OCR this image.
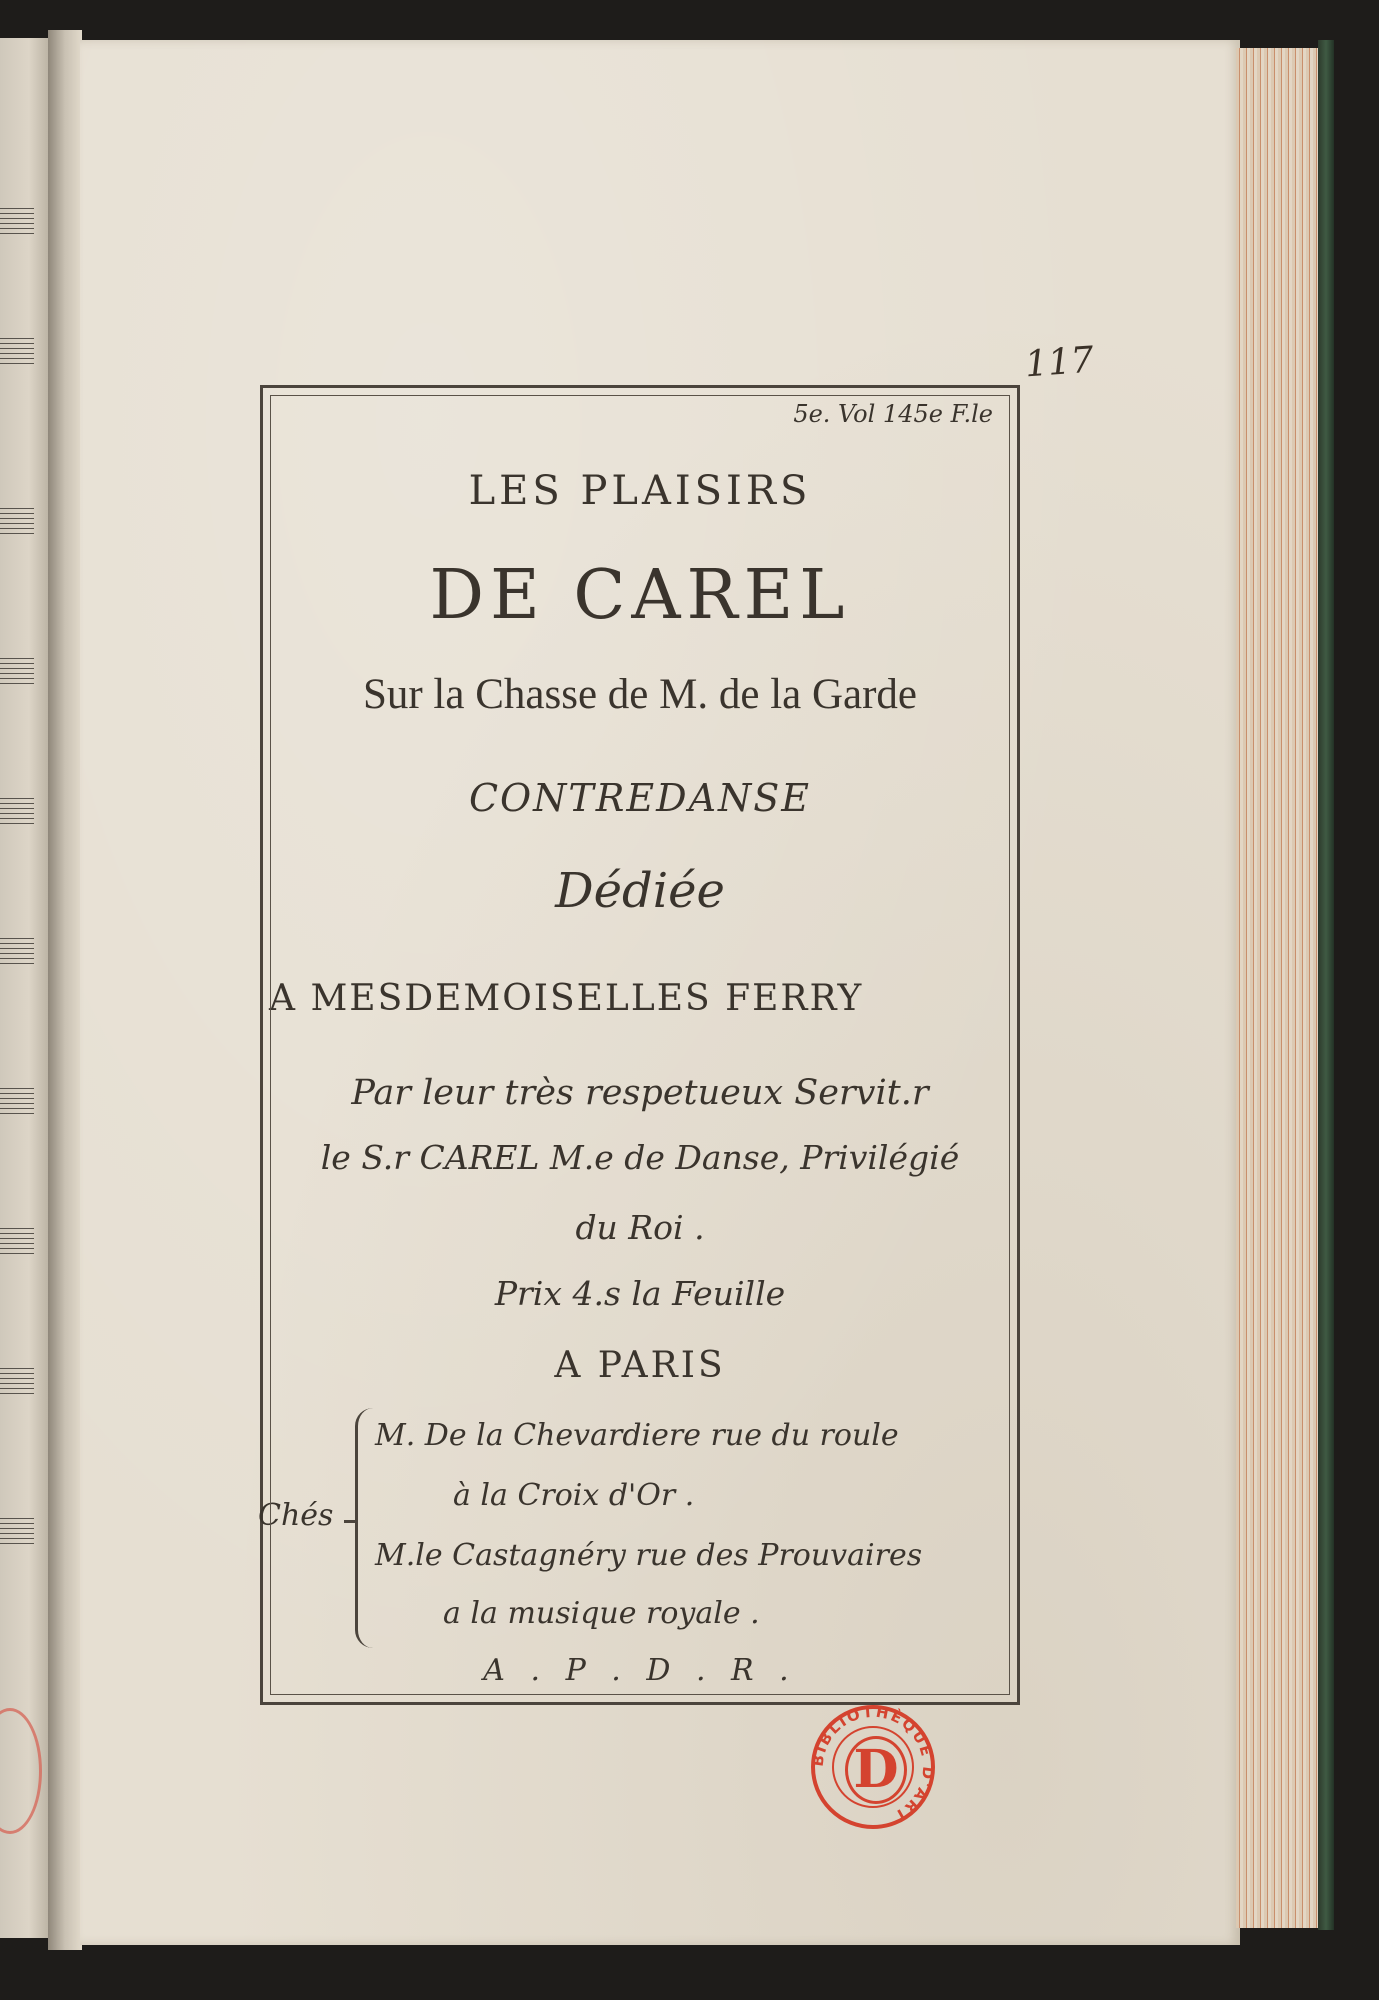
117

5e. Vol 145e F.le

LES PLAISIRS

DE CAREL

Sur la Chasse de M. de la Garde

CONTREDANSE

Dédiée

A MESDEMOISELLES FERRY

Par leur très respetueux Servit.r

le S.r CAREL M.e de Danse, Privilégié

du Roi .

Prix 4.s la Feuille

A PARIS

Chés

M. De la Chevardiere rue du roule

à la Croix d'Or .

M.le Castagnéry rue des Prouvaires

a la musique royale .

A . P . D . R .

BIBLIOTHÈQUE D'ART

D
